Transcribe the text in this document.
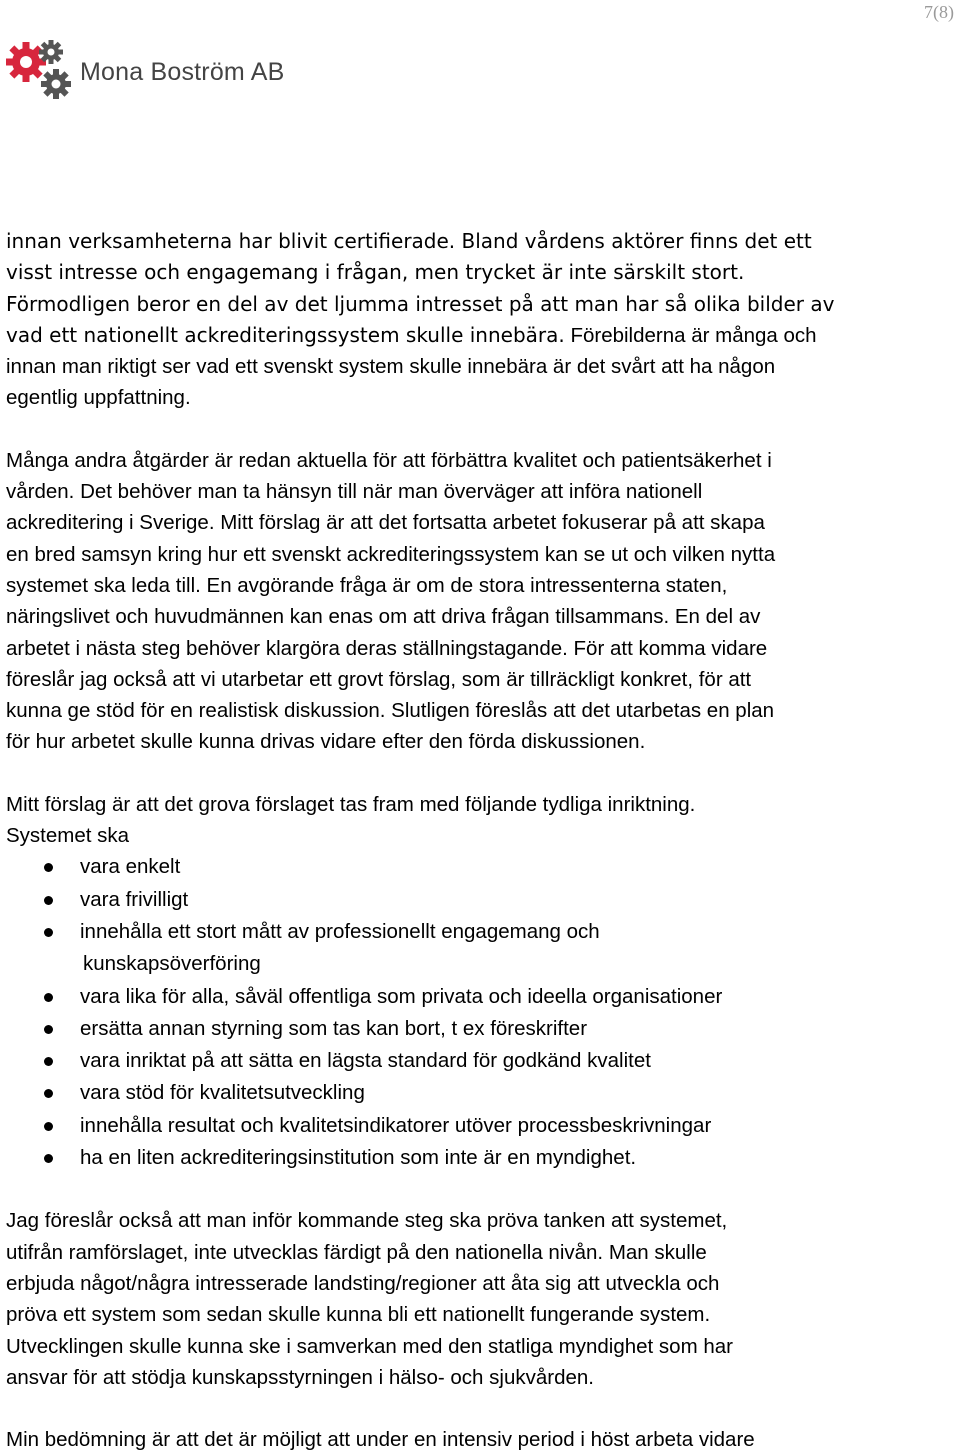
7(8)
Mona Boström AB

innan verksamheterna har blivit certifierade. Bland vårdens aktörer finns det ett

visst intresse och engagemang i frågan, men trycket är inte särskilt stort.

Förmodligen beror en del av det ljumma intresset på att man har så olika bilder av

vad ett nationellt ackrediteringssystem skulle innebära. Förebilderna är många och

innan man riktigt ser vad ett svenskt system skulle innebära är det svårt att ha någon

egentlig uppfattning.

Många andra åtgärder är redan aktuella för att förbättra kvalitet och patientsäkerhet i

vården. Det behöver man ta hänsyn till när man överväger att införa nationell

ackreditering i Sverige. Mitt förslag är att det fortsatta arbetet fokuserar på att skapa

en bred samsyn kring hur ett svenskt ackrediteringssystem kan se ut och vilken nytta

systemet ska leda till. En avgörande fråga är om de stora intressenterna staten,

näringslivet och huvudmännen kan enas om att driva frågan tillsammans. En del av

arbetet i nästa steg behöver klargöra deras ställningstagande. För att komma vidare

föreslår jag också att vi utarbetar ett grovt förslag, som är tillräckligt konkret, för att

kunna ge stöd för en realistisk diskussion. Slutligen föreslås att det utarbetas en plan

för hur arbetet skulle kunna drivas vidare efter den förda diskussionen.

Mitt förslag är att det grova förslaget tas fram med följande tydliga inriktning.

Systemet ska

vara enkelt
vara frivilligt
innehålla ett stort mått av professionellt engagemang och
kunskapsöverföring
vara lika för alla, såväl offentliga som privata och ideella organisationer
ersätta annan styrning som tas kan bort, t ex föreskrifter
vara inriktat på att sätta en lägsta standard för godkänd kvalitet
vara stöd för kvalitetsutveckling
innehålla resultat och kvalitetsindikatorer utöver processbeskrivningar
ha en liten ackrediteringsinstitution som inte är en myndighet.

Jag föreslår också att man inför kommande steg ska pröva tanken att systemet,

utifrån ramförslaget, inte utvecklas färdigt på den nationella nivån. Man skulle

erbjuda något/några intresserade landsting/regioner att åta sig att utveckla och

pröva ett system som sedan skulle kunna bli ett nationellt fungerande system.

Utvecklingen skulle kunna ske i samverkan med den statliga myndighet som har

ansvar för att stödja kunskapsstyrningen i hälso- och sjukvården.

Min bedömning är att det är möjligt att under en intensiv period i höst arbeta vidare
